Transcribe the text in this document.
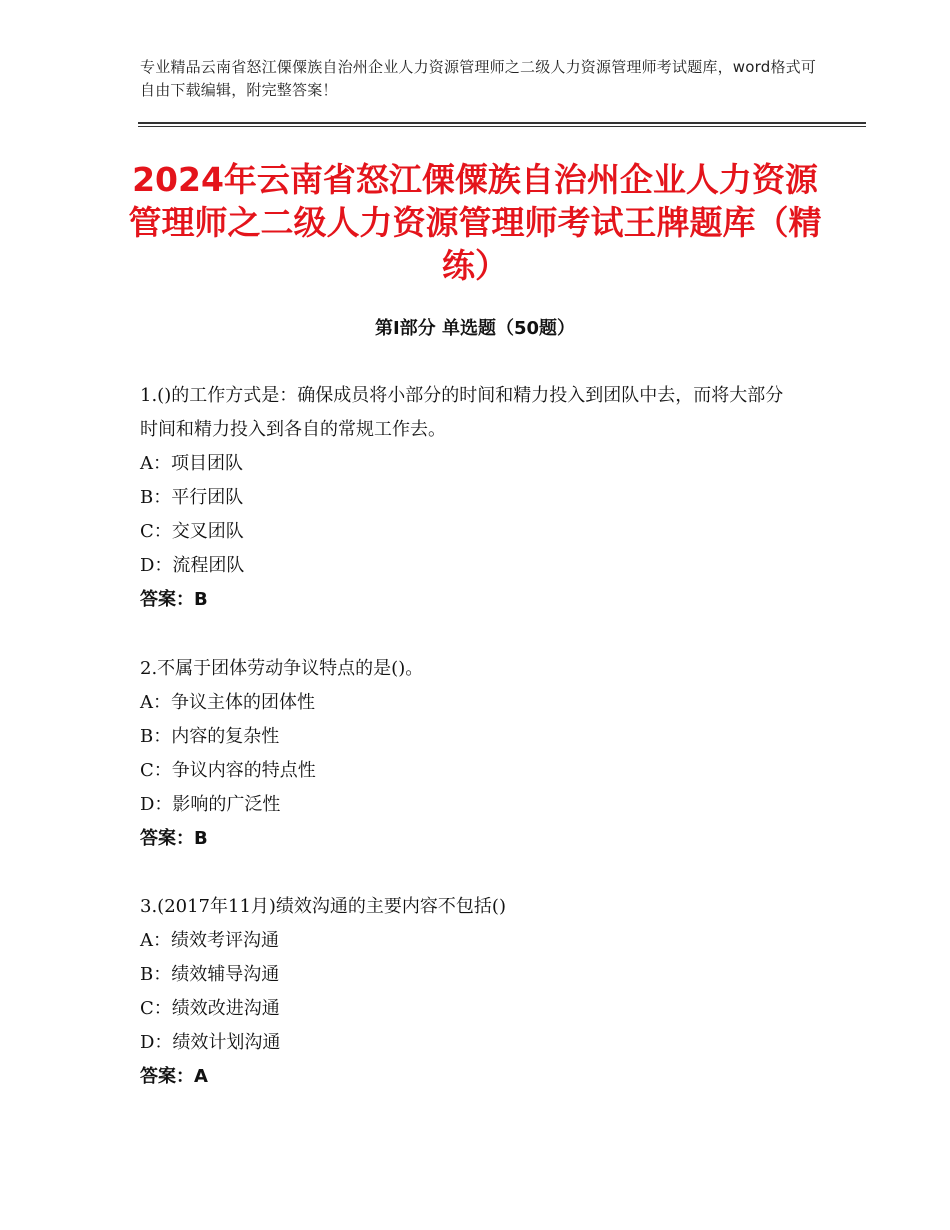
专业精品云南省怒江傈僳族自治州企业人力资源管理师之二级人力资源管理师考试题库，word格式可自由下载编辑，附完整答案！
2024年云南省怒江傈僳族自治州企业人力资源管理师之二级人力资源管理师考试王牌题库（精练）
第Ⅰ部分 单选题（50题）

1.()的工作方式是：确保成员将小部分的时间和精力投入到团队中去，而将大部分时间和精力投入到各自的常规工作去。

A：项目团队

B：平行团队

C：交叉团队

D：流程团队

答案：B

2.不属于团体劳动争议特点的是()。

A：争议主体的团体性

B：内容的复杂性

C：争议内容的特点性

D：影响的广泛性

答案：B

3.(2017年11月)绩效沟通的主要内容不包括()

A：绩效考评沟通

B：绩效辅导沟通

C：绩效改进沟通

D：绩效计划沟通

答案：A
